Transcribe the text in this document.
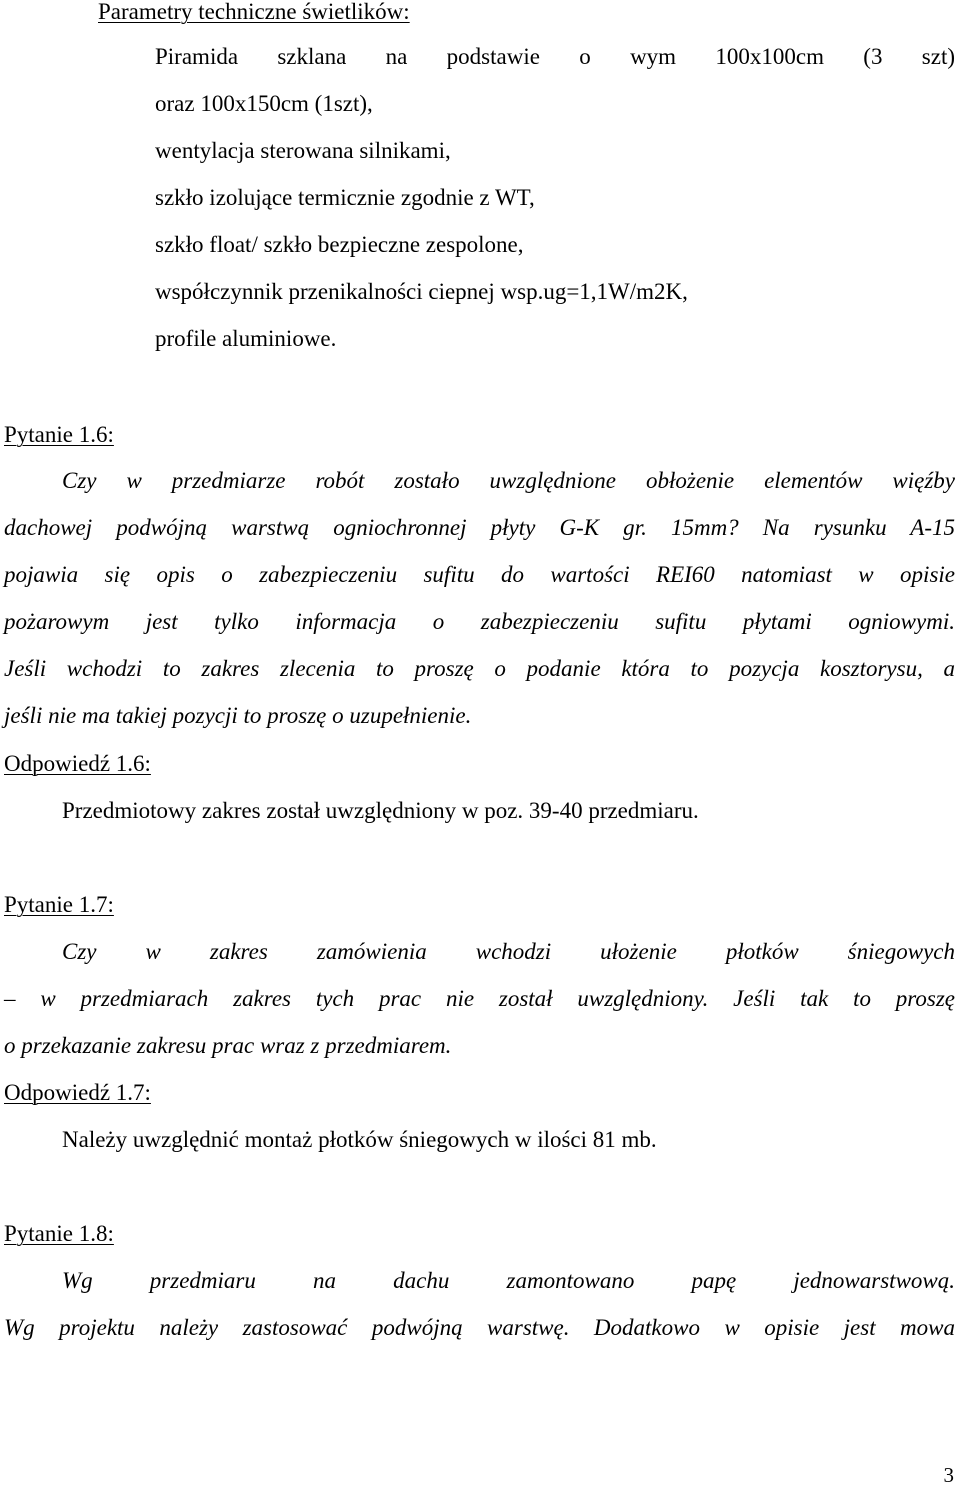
Parametry techniczne świetlików:
Piramida szklana na podstawie o wym 100x100cm (3 szt)
oraz 100x150cm (1szt),
wentylacja sterowana silnikami,
szkło izolujące termicznie zgodnie z WT,
szkło float/ szkło bezpieczne zespolone,
współczynnik przenikalności ciepnej wsp.ug=1,1W/m2K,
profile aluminiowe.
Pytanie 1.6:
Czy w przedmiarze robót zostało uwzględnione obłożenie elementów więźby
dachowej podwójną warstwą ogniochronnej płyty G-K gr. 15mm? Na rysunku A-15
pojawia się opis o zabezpieczeniu sufitu do wartości REI60 natomiast w opisie
pożarowym jest tylko informacja o zabezpieczeniu sufitu płytami ogniowymi.
Jeśli wchodzi to zakres zlecenia to proszę o podanie która to pozycja kosztorysu, a
jeśli nie ma takiej pozycji to proszę o uzupełnienie.
Odpowiedź 1.6:
Przedmiotowy zakres został uwzględniony w poz. 39-40 przedmiaru.
Pytanie 1.7:
Czy w zakres zamówienia wchodzi ułożenie płotków śniegowych
– w przedmiarach zakres tych prac nie został uwzględniony. Jeśli tak to proszę
o przekazanie zakresu prac wraz z przedmiarem.
Odpowiedź 1.7:
Należy uwzględnić montaż płotków śniegowych w ilości 81 mb.
Pytanie 1.8:
Wg przedmiaru na dachu zamontowano papę jednowarstwową.
Wg projektu należy zastosować podwójną warstwę. Dodatkowo w opisie jest mowa
3
